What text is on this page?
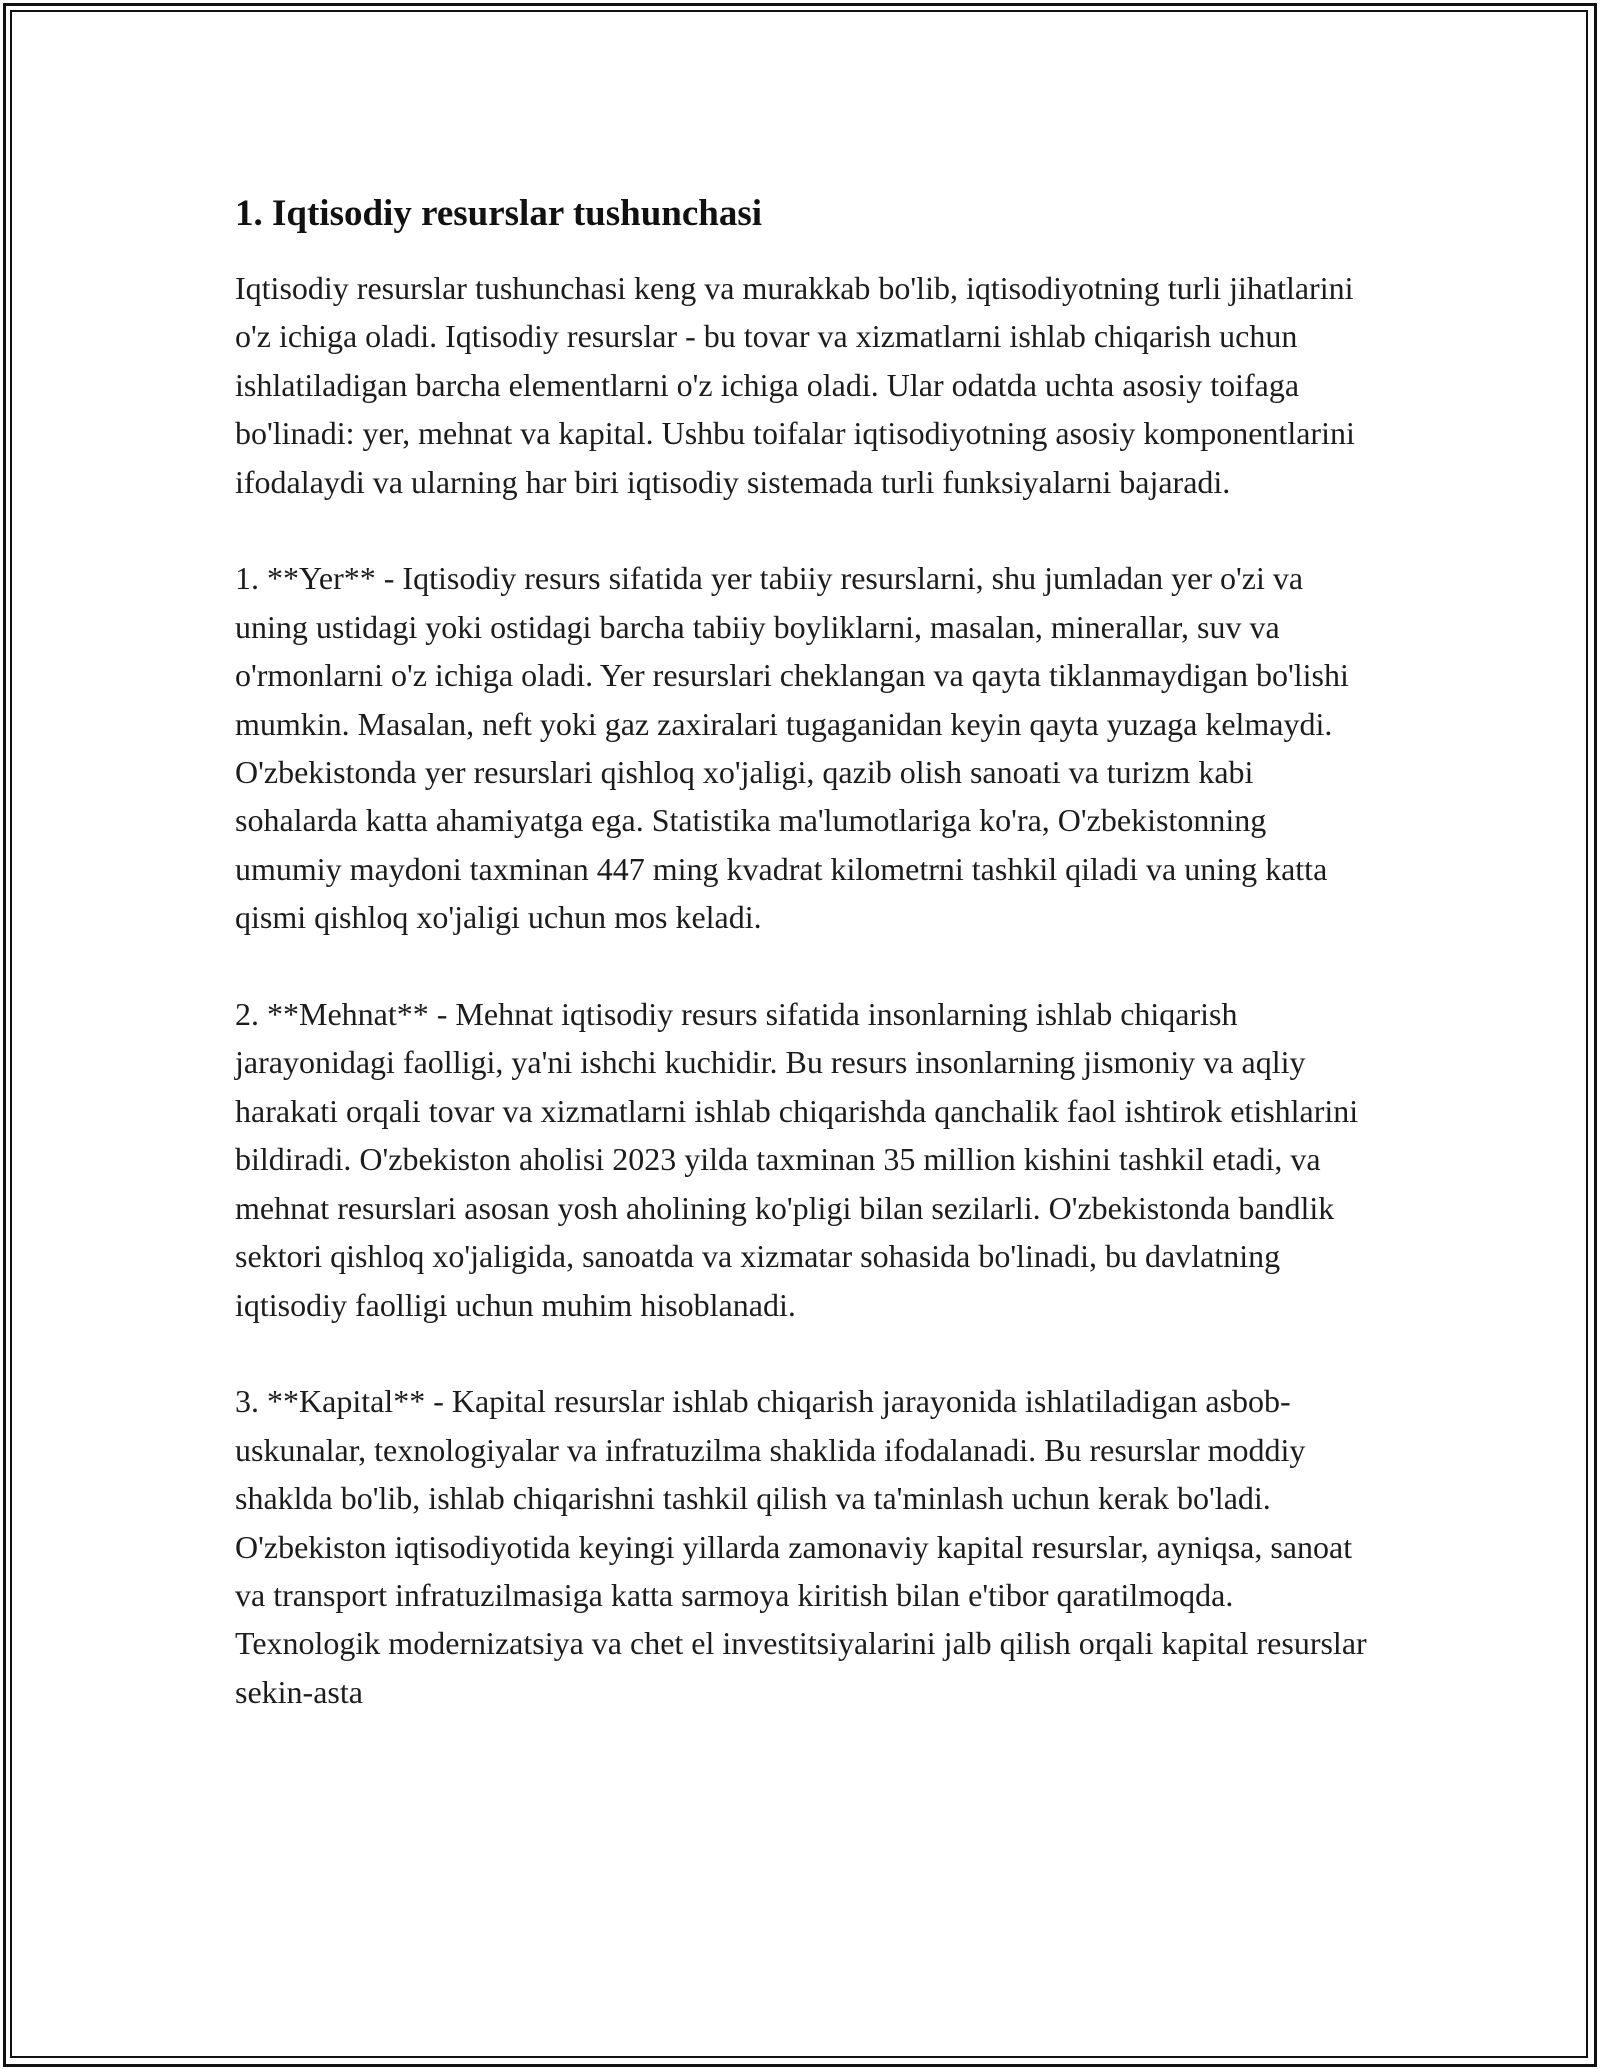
1. Iqtisodiy resurslar tushunchasi

Iqtisodiy resurslar tushunchasi keng va murakkab bo'lib, iqtisodiyotning turli jihatlarini o'z ichiga oladi. Iqtisodiy resurslar - bu tovar va xizmatlarni ishlab chiqarish uchun ishlatiladigan barcha elementlarni o'z ichiga oladi. Ular odatda uchta asosiy toifaga bo'linadi: yer, mehnat va kapital. Ushbu toifalar iqtisodiyotning asosiy komponentlarini ifodalaydi va ularning har biri iqtisodiy sistemada turli funksiyalarni bajaradi.

1. **Yer** - Iqtisodiy resurs sifatida yer tabiiy resurslarni, shu jumladan yer o'zi va uning ustidagi yoki ostidagi barcha tabiiy boyliklarni, masalan, minerallar, suv va o'rmonlarni o'z ichiga oladi. Yer resurslari cheklangan va qayta tiklanmaydigan bo'lishi mumkin. Masalan, neft yoki gaz zaxiralari tugaganidan keyin qayta yuzaga kelmaydi. O'zbekistonda yer resurslari qishloq xo'jaligi, qazib olish sanoati va turizm kabi sohalarda katta ahamiyatga ega. Statistika ma'lumotlariga ko'ra, O'zbekistonning umumiy maydoni taxminan 447 ming kvadrat kilometrni tashkil qiladi va uning katta qismi qishloq xo'jaligi uchun mos keladi.

2. **Mehnat** - Mehnat iqtisodiy resurs sifatida insonlarning ishlab chiqarish jarayonidagi faolligi, ya'ni ishchi kuchidir. Bu resurs insonlarning jismoniy va aqliy harakati orqali tovar va xizmatlarni ishlab chiqarishda qanchalik faol ishtirok etishlarini bildiradi. O'zbekiston aholisi 2023 yilda taxminan 35 million kishini tashkil etadi, va mehnat resurslari asosan yosh aholining ko'pligi bilan sezilarli. O'zbekistonda bandlik sektori qishloq xo'jaligida, sanoatda va xizmatar sohasida bo'linadi, bu davlatning iqtisodiy faolligi uchun muhim hisoblanadi.

3. **Kapital** - Kapital resurslar ishlab chiqarish jarayonida ishlatiladigan asbob-uskunalar, texnologiyalar va infratuzilma shaklida ifodalanadi. Bu resurslar moddiy shakldа bo'lib, ishlab chiqarishni tashkil qilish va ta'minlash uchun kerak bo'ladi. O'zbekiston iqtisodiyotida keyingi yillarda zamonaviy kapital resurslar, ayniqsa, sanoat va transport infratuzilmasiga katta sarmoya kiritish bilan e'tibor qaratilmoqda. Texnologik modernizatsiya va chet el investitsiyalarini jalb qilish orqali kapital resurslar sekin-asta
